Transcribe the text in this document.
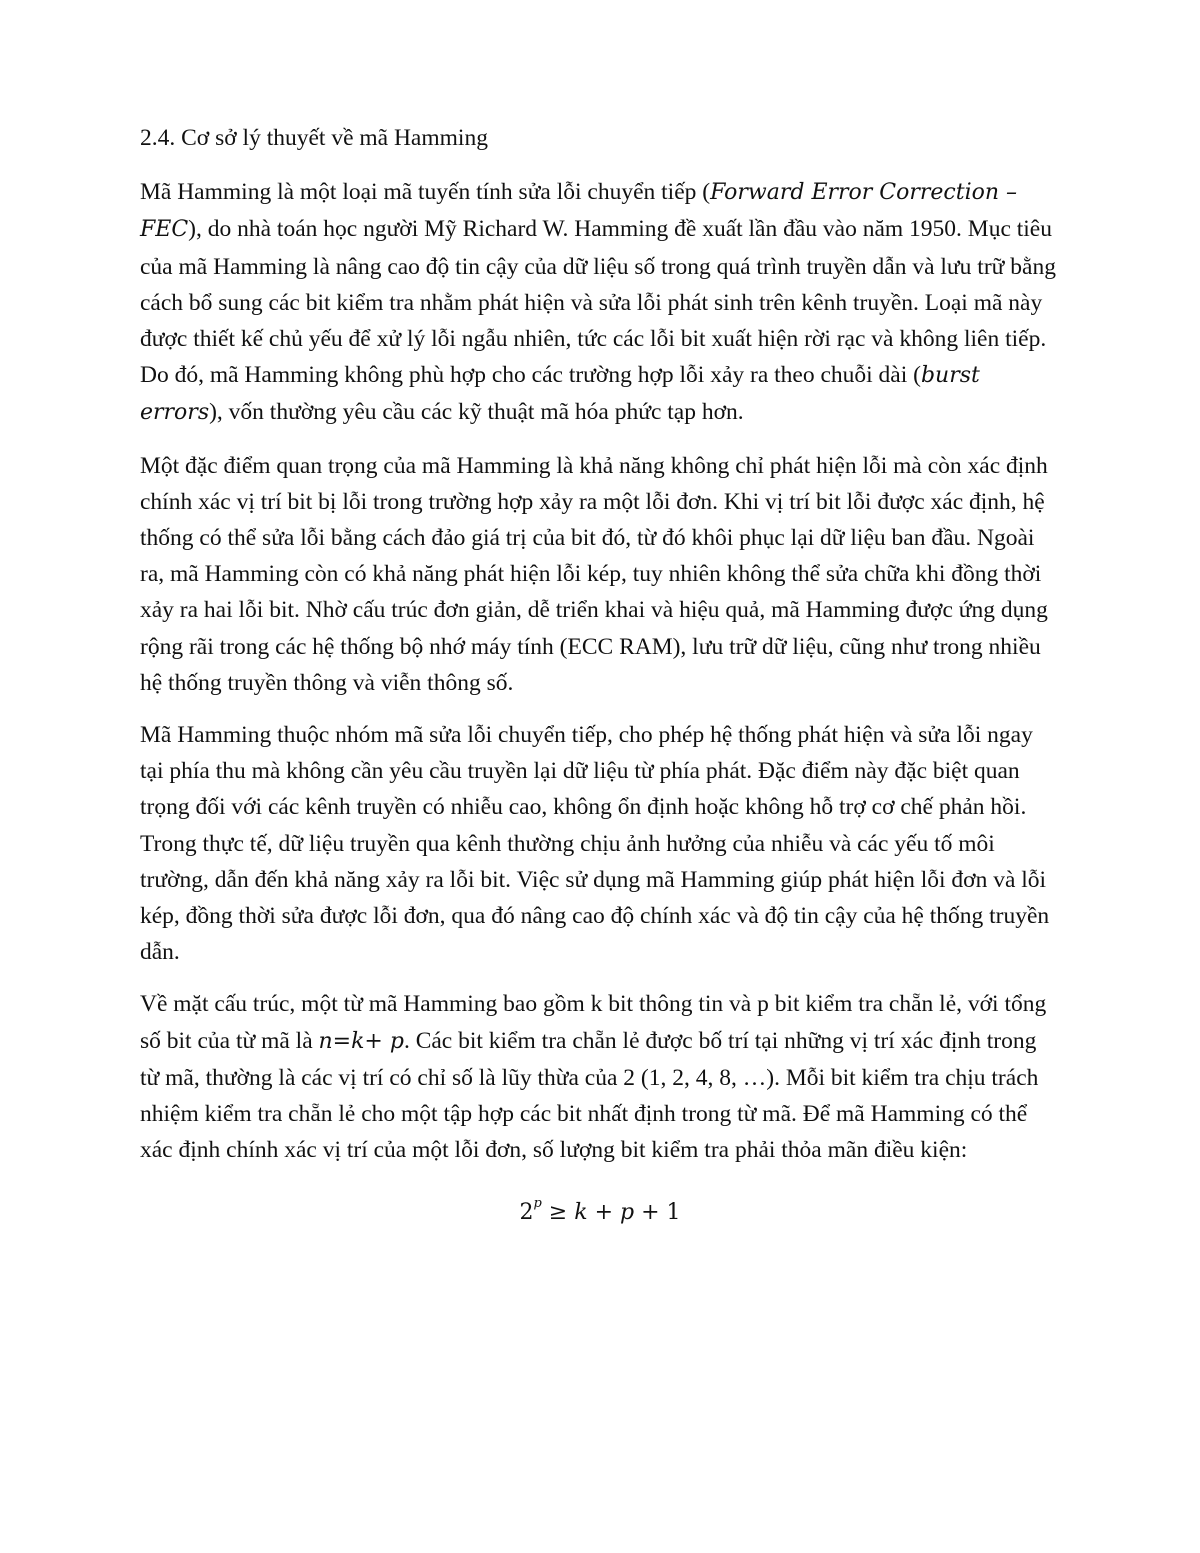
2.4. Cơ sở lý thuyết về mã Hamming

Mã Hamming là một loại mã tuyến tính sửa lỗi chuyển tiếp (Forward Error Correction – FEC), do nhà toán học người Mỹ Richard W. Hamming đề xuất lần đầu vào năm 1950. Mục tiêu của mã Hamming là nâng cao độ tin cậy của dữ liệu số trong quá trình truyền dẫn và lưu trữ bằng cách bổ sung các bit kiểm tra nhằm phát hiện và sửa lỗi phát sinh trên kênh truyền. Loại mã này được thiết kế chủ yếu để xử lý lỗi ngẫu nhiên, tức các lỗi bit xuất hiện rời rạc và không liên tiếp. Do đó, mã Hamming không phù hợp cho các trường hợp lỗi xảy ra theo chuỗi dài (burst errors), vốn thường yêu cầu các kỹ thuật mã hóa phức tạp hơn.

Một đặc điểm quan trọng của mã Hamming là khả năng không chỉ phát hiện lỗi mà còn xác định chính xác vị trí bit bị lỗi trong trường hợp xảy ra một lỗi đơn. Khi vị trí bit lỗi được xác định, hệ thống có thể sửa lỗi bằng cách đảo giá trị của bit đó, từ đó khôi phục lại dữ liệu ban đầu. Ngoài ra, mã Hamming còn có khả năng phát hiện lỗi kép, tuy nhiên không thể sửa chữa khi đồng thời xảy ra hai lỗi bit. Nhờ cấu trúc đơn giản, dễ triển khai và hiệu quả, mã Hamming được ứng dụng rộng rãi trong các hệ thống bộ nhớ máy tính (ECC RAM), lưu trữ dữ liệu, cũng như trong nhiều hệ thống truyền thông và viễn thông số.

Mã Hamming thuộc nhóm mã sửa lỗi chuyển tiếp, cho phép hệ thống phát hiện và sửa lỗi ngay tại phía thu mà không cần yêu cầu truyền lại dữ liệu từ phía phát. Đặc điểm này đặc biệt quan trọng đối với các kênh truyền có nhiễu cao, không ổn định hoặc không hỗ trợ cơ chế phản hồi. Trong thực tế, dữ liệu truyền qua kênh thường chịu ảnh hưởng của nhiễu và các yếu tố môi trường, dẫn đến khả năng xảy ra lỗi bit. Việc sử dụng mã Hamming giúp phát hiện lỗi đơn và lỗi kép, đồng thời sửa được lỗi đơn, qua đó nâng cao độ chính xác và độ tin cậy của hệ thống truyền dẫn.

Về mặt cấu trúc, một từ mã Hamming bao gồm k bit thông tin và p bit kiểm tra chẵn lẻ, với tổng số bit của từ mã là n=k+ p. Các bit kiểm tra chẵn lẻ được bố trí tại những vị trí xác định trong từ mã, thường là các vị trí có chỉ số là lũy thừa của 2 (1, 2, 4, 8, …). Mỗi bit kiểm tra chịu trách nhiệm kiểm tra chẵn lẻ cho một tập hợp các bit nhất định trong từ mã. Để mã Hamming có thể xác định chính xác vị trí của một lỗi đơn, số lượng bit kiểm tra phải thỏa mãn điều kiện:

$2^p \ge k + p + 1$
